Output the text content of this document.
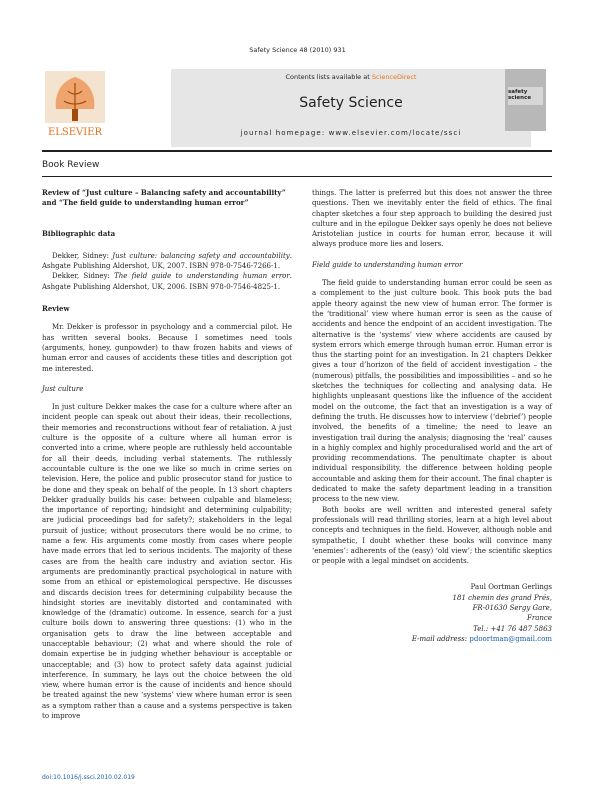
Safety Science 48 (2010) 931
ELSEVIER
Contents lists available at ScienceDirect
Safety Science
journal homepage: www.elsevier.com/locate/ssci
safety science
Book Review

Review of “Just culture – Balancing safety and accountability” and “The field guide to understanding human error”

Bibliographic data

Dekker, Sidney: Just culture: balancing safety and accountability. Ashgate Publishing Aldershot, UK, 2007. ISBN 978-0-7546-7266-1.

Dekker, Sidney: The field guide to understanding human error. Ashgate Publishing Aldershot, UK, 2006. ISBN 978-0-7546-4825-1.

Review

Mr. Dekker is professor in psychology and a commercial pilot. He has written several books. Because I sometimes need tools (arguments, honey, gunpowder) to thaw frozen habits and views of human error and causes of accidents these titles and description got me interested.

Just culture

In just culture Dekker makes the case for a culture where after an incident people can speak out about their ideas, their recollections, their memories and reconstructions without fear of retaliation. A just culture is the opposite of a culture where all human error is converted into a crime, where people are ruthlessly held accountable for all their deeds, including verbal statements. The ruthlessly accountable culture is the one we like so much in crime series on television. Here, the police and public prosecutor stand for justice to be done and they speak on behalf of the people. In 13 short chapters Dekker gradually builds his case: between culpable and blameless; the importance of reporting; hindsight and determining culpability; are judicial proceedings bad for safety?; stakeholders in the legal pursuit of justice; without prosecutors there would be no crime, to name a few. His arguments come mostly from cases where people have made errors that led to serious incidents. The majority of these cases are from the health care industry and aviation sector. His arguments are predominantly practical psychological in nature with some from an ethical or epistemological perspective. He discusses and discards decision trees for determining culpability because the hindsight stories are inevitably distorted and contaminated with knowledge of the (dramatic) outcome. In essence, search for a just culture boils down to answering three questions: (1) who in the organisation gets to draw the line between acceptable and unacceptable behaviour; (2) what and where should the role of domain expertise be in judging whether behaviour is acceptable or unacceptable; and (3) how to protect safety data against judicial interference. In summary, he lays out the choice between the old view, where human error is the cause of incidents and hence should be treated against the new ‘systems’ view where human error is seen as a symptom rather than a cause and a systems perspective is taken to improve

things. The latter is preferred but this does not answer the three questions. Then we inevitably enter the field of ethics. The final chapter sketches a four step approach to building the desired just culture and in the epilogue Dekker says openly he does not believe Aristotelian justice in courts for human error, because it will always produce more lies and losers.

Field guide to understanding human error

The field guide to understanding human error could be seen as a complement to the just culture book. This book puts the bad apple theory against the new view of human error. The former is the ‘traditional’ view where human error is seen as the cause of accidents and hence the endpoint of an accident investigation. The alternative is the ‘systems’ view where accidents are caused by system errors which emerge through human error. Human error is thus the starting point for an investigation. In 21 chapters Dekker gives a tour d’horizon of the field of accident investigation – the (numerous) pitfalls, the possibilities and impossibilities – and so he sketches the techniques for collecting and analysing data. He highlights unpleasant questions like the influence of the accident model on the outcome, the fact that an investigation is a way of defining the truth. He discusses how to interview (‘debrief’) people involved, the benefits of a timeline; the need to leave an investigation trail during the analysis; diagnosing the ‘real’ causes in a highly complex and highly proceduralised world and the art of providing recommendations. The penultimate chapter is about individual responsibility, the difference between holding people accountable and asking them for their account. The final chapter is dedicated to make the safety department leading in a transition process to the new view.

Both books are well written and interested general safety professionals will read thrilling stories, learn at a high level about concepts and techniques in the field. However, although noble and sympathetic, I doubt whether these books will convince many ‘enemies’: adherents of the (easy) ‘old view’; the scientific skeptics or people with a legal mindset on accidents.

Paul Oortman Gerlings
181 chemin des grand Prés,
FR-01630 Sergy Gare,
France
Tel.: +41 76 487 5863
E-mail address: pdoortman@gmail.com
doi:10.1016/j.ssci.2010.02.019
